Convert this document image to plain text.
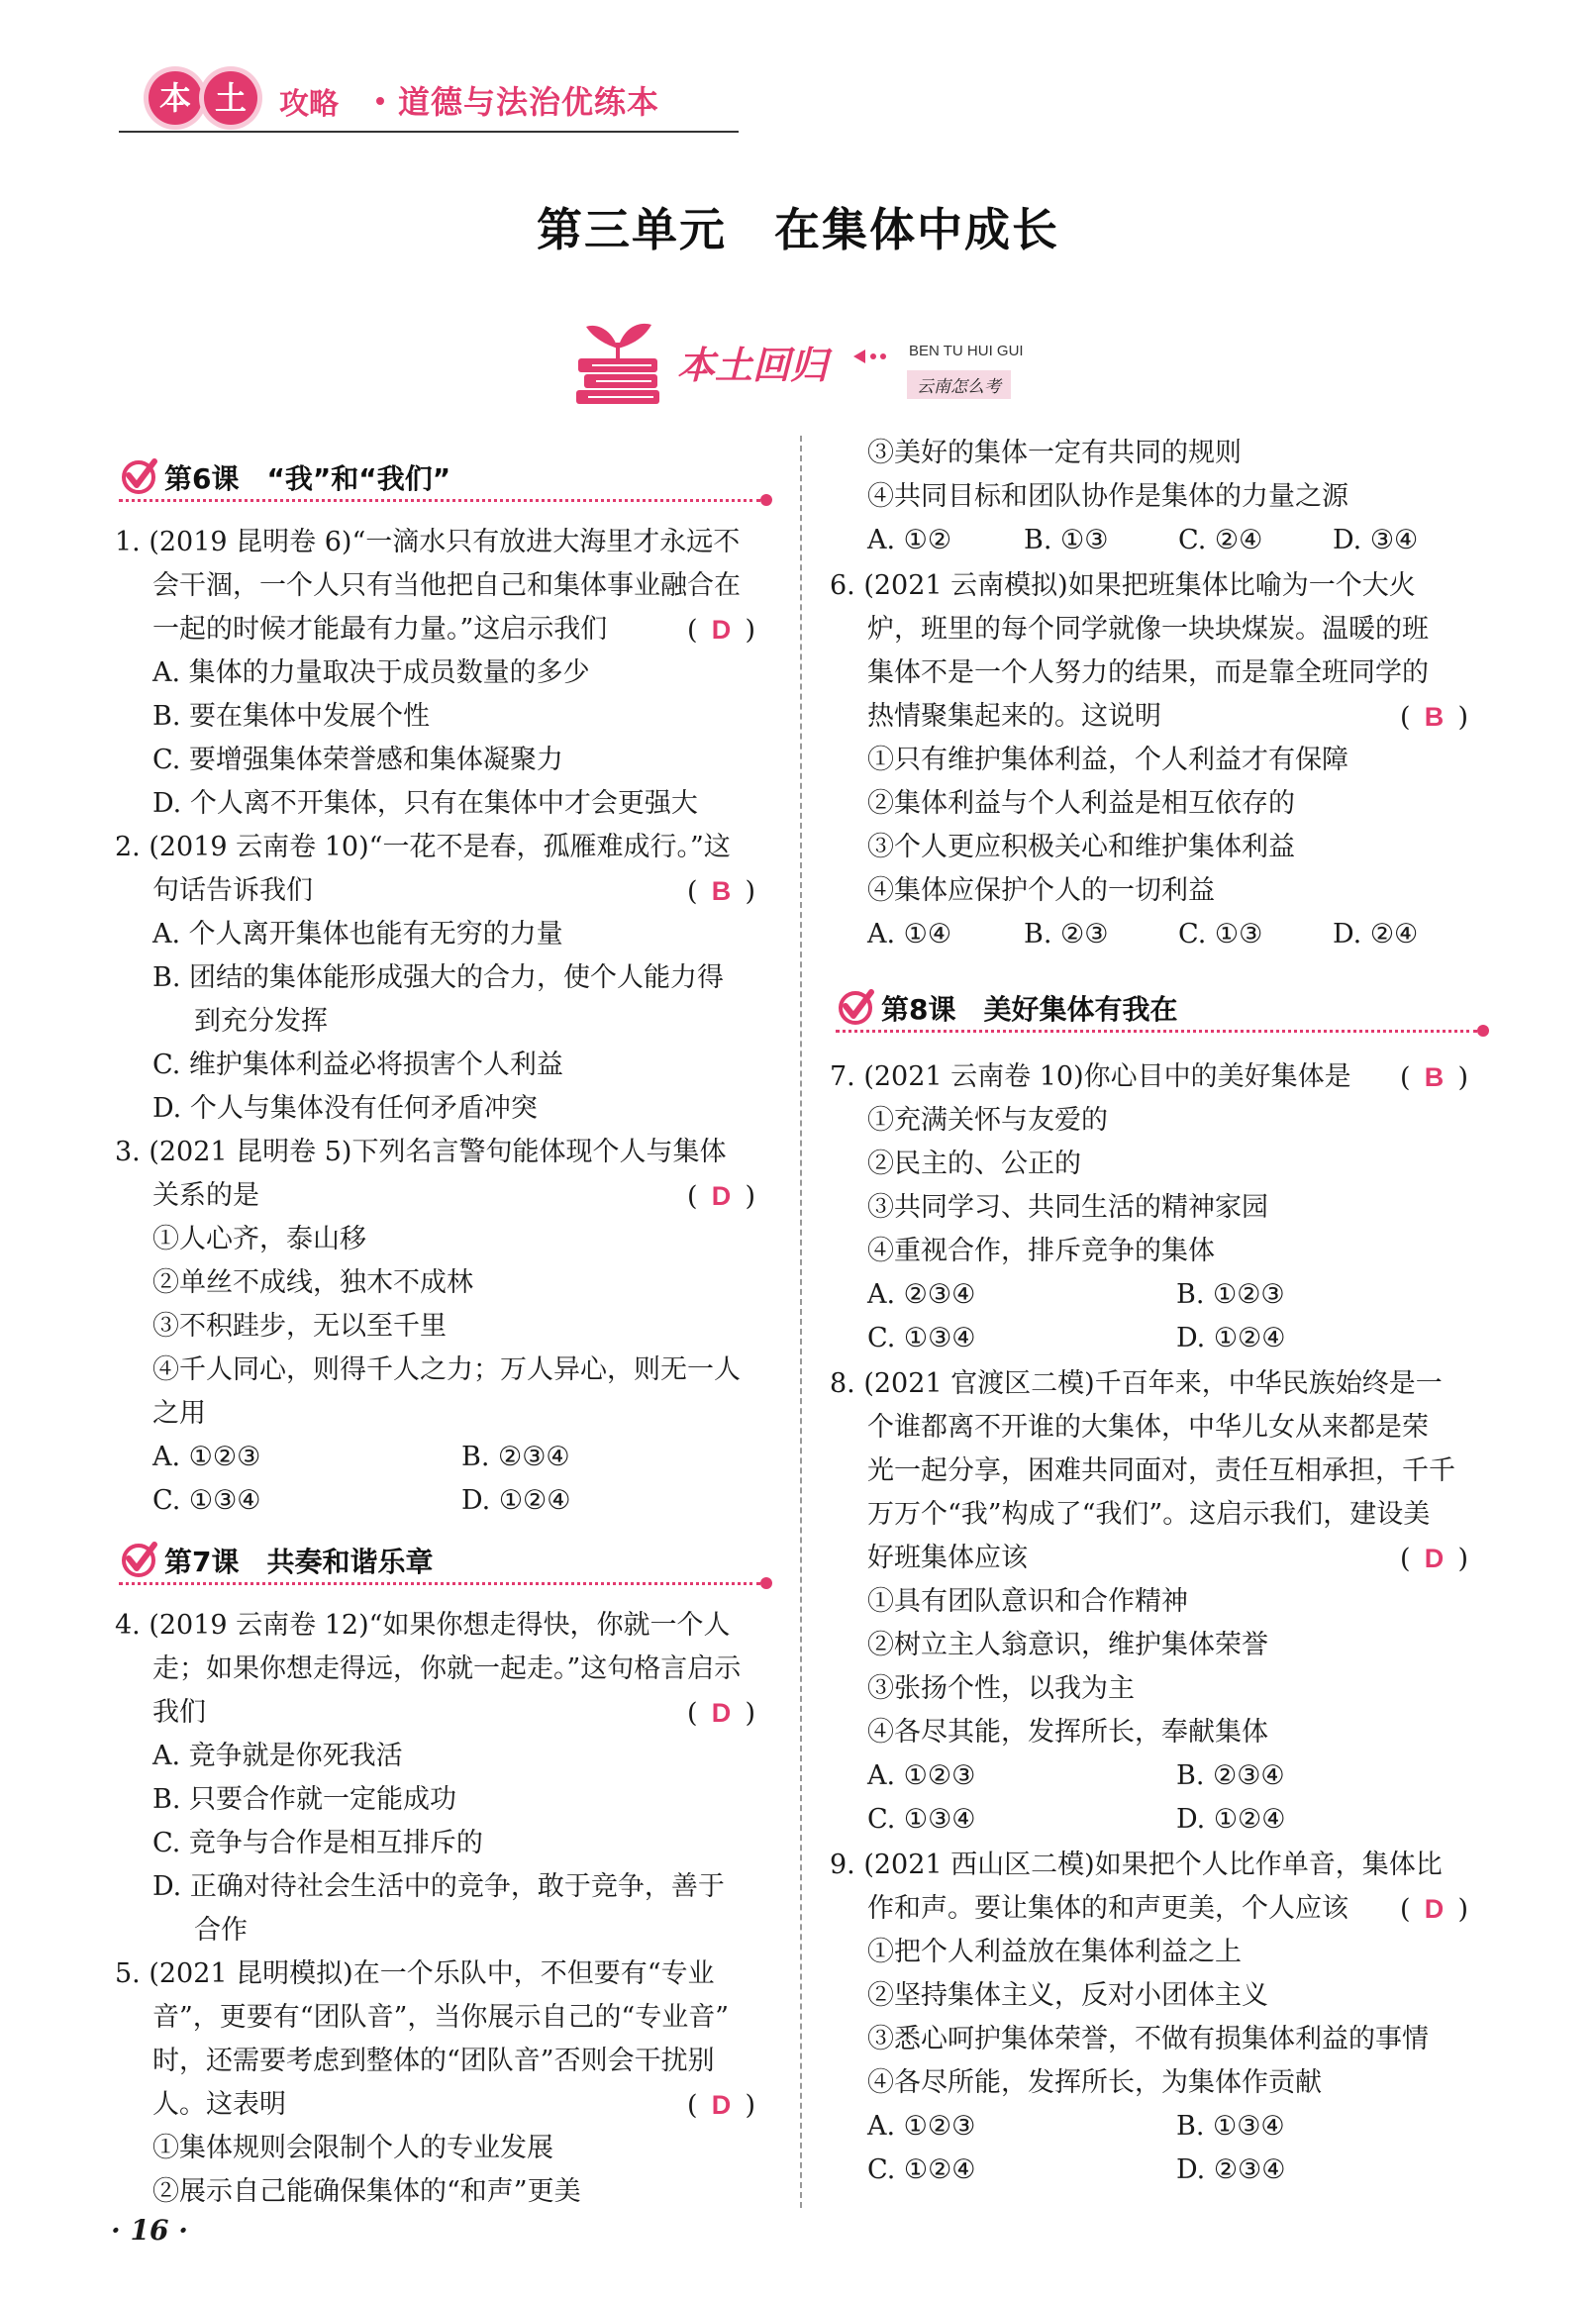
本 土	攻略 道德与法治优练本
第三单元　在集体中成长
本土回归	BEN TU HUI GUI
云南怎么考
第6课　“我”和“我们”
1. (2019 昆明卷 6)“一滴水只有放进大海里才永远不
会干涸，一个人只有当他把自己和集体事业融合在
一起的时候才能最有力量。”这启示我们	( D )
A. 集体的力量取决于成员数量的多少
B. 要在集体中发展个性
C. 要增强集体荣誉感和集体凝聚力
D. 个人离不开集体，只有在集体中才会更强大
2. (2019 云南卷 10)“一花不是春，孤雁难成行。”这
句话告诉我们	( B )
A. 个人离开集体也能有无穷的力量
B. 团结的集体能形成强大的合力，使个人能力得
到充分发挥
C. 维护集体利益必将损害个人利益
D. 个人与集体没有任何矛盾冲突
3. (2021 昆明卷 5)下列名言警句能体现个人与集体
关系的是	( D )
①人心齐，泰山移
②单丝不成线，独木不成林
③不积跬步，无以至千里
④千人同心，则得千人之力；万人异心，则无一人
之用
A. ①②③	B. ②③④
C. ①③④	D. ①②④
第7课　共奏和谐乐章
4. (2019 云南卷 12)“如果你想走得快，你就一个人
走；如果你想走得远，你就一起走。”这句格言启示
我们	( D )
A. 竞争就是你死我活
B. 只要合作就一定能成功
C. 竞争与合作是相互排斥的
D. 正确对待社会生活中的竞争，敢于竞争，善于
合作
5. (2021 昆明模拟)在一个乐队中，不但要有“专业
音”，更要有“团队音”，当你展示自己的“专业音”
时，还需要考虑到整体的“团队音”否则会干扰别
人。这表明	( D )
①集体规则会限制个人的专业发展
②展示自己能确保集体的“和声”更美
· 16 ·
③美好的集体一定有共同的规则
④共同目标和团队协作是集体的力量之源
A. ①②	B. ①③	C. ②④	D. ③④
6. (2021 云南模拟)如果把班集体比喻为一个大火
炉，班里的每个同学就像一块块煤炭。温暖的班
集体不是一个人努力的结果，而是靠全班同学的
热情聚集起来的。这说明	( B )
①只有维护集体利益，个人利益才有保障
②集体利益与个人利益是相互依存的
③个人更应积极关心和维护集体利益
④集体应保护个人的一切利益
A. ①④	B. ②③	C. ①③	D. ②④
第8课　美好集体有我在
7. (2021 云南卷 10)你心目中的美好集体是 ( B )
①充满关怀与友爱的
②民主的、公正的
③共同学习、共同生活的精神家园
④重视合作，排斥竞争的集体
A. ②③④	B. ①②③
C. ①③④	D. ①②④
8. (2021 官渡区二模)千百年来，中华民族始终是一
个谁都离不开谁的大集体，中华儿女从来都是荣
光一起分享，困难共同面对，责任互相承担，千千
万万个“我”构成了“我们”。这启示我们，建设美
好班集体应该	( D )
①具有团队意识和合作精神
②树立主人翁意识，维护集体荣誉
③张扬个性，以我为主
④各尽其能，发挥所长，奉献集体
A. ①②③	B. ②③④
C. ①③④	D. ①②④
9. (2021 西山区二模)如果把个人比作单音，集体比
作和声。要让集体的和声更美，个人应该 ( D )
①把个人利益放在集体利益之上
②坚持集体主义，反对小团体主义
③悉心呵护集体荣誉，不做有损集体利益的事情
④各尽所能，发挥所长，为集体作贡献
A. ①②③	B. ①③④
C. ①②④	D. ②③④
